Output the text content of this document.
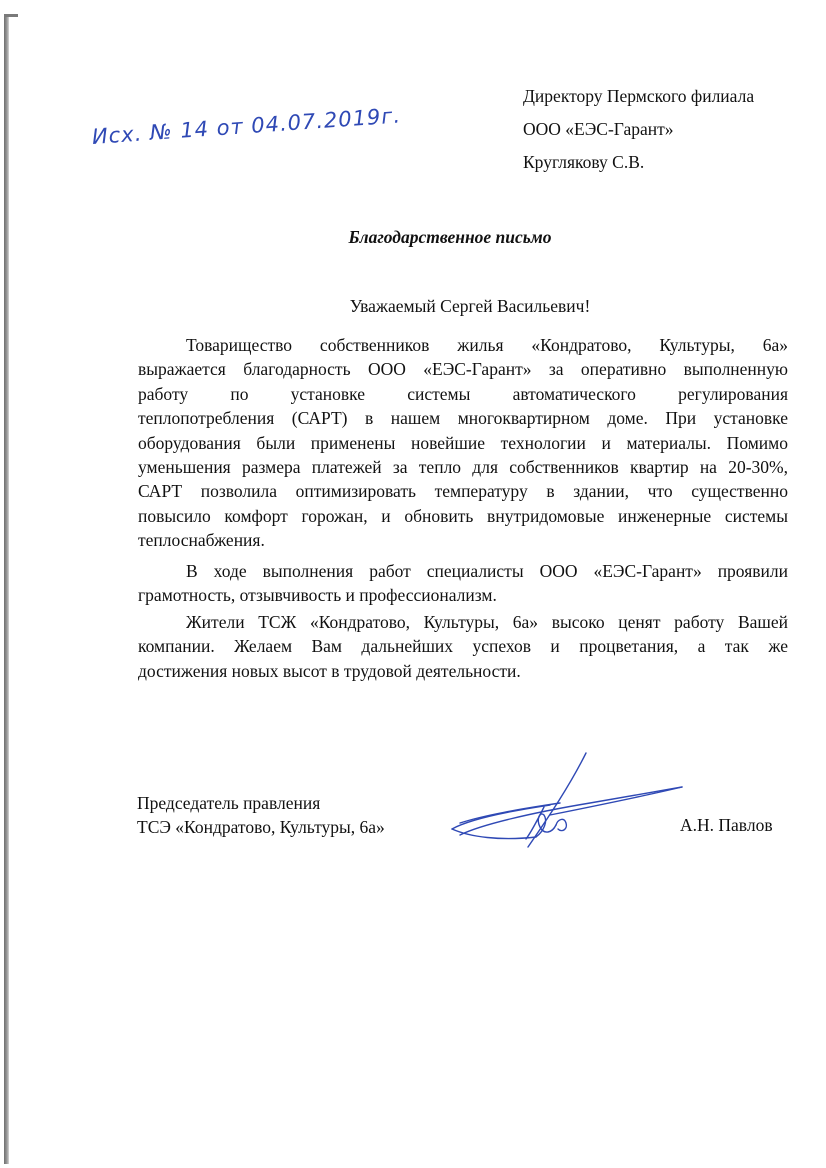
Директору Пермского филиала
ООО «ЕЭС-Гарант»
Круглякову С.В.
Исх. № 14 от 04.07.2019г.
Благодарственное письмо
Уважаемый Сергей Васильевич!
Товарищество собственников жилья «Кондратово, Культуры, 6а»
выражается благодарность ООО «ЕЭС-Гарант» за оперативно выполненную
работу по установке системы автоматического регулирования
теплопотребления (САРТ) в нашем многоквартирном доме. При установке
оборудования были применены новейшие технологии и материалы. Помимо
уменьшения размера платежей за тепло для собственников квартир на 20-30%,
САРТ позволила оптимизировать температуру в здании, что существенно
повысило комфорт горожан, и обновить внутридомовые инженерные системы
теплоснабжения.
В ходе выполнения работ специалисты ООО «ЕЭС-Гарант» проявили
грамотность, отзывчивость и профессионализм.
Жители ТСЖ «Кондратово, Культуры, 6а» высоко ценят работу Вашей
компании. Желаем Вам дальнейших успехов и процветания, а так же
достижения новых высот в трудовой деятельности.
Председатель правления
ТСЭ «Кондратово, Культуры, 6а»	А.Н. Павлов
